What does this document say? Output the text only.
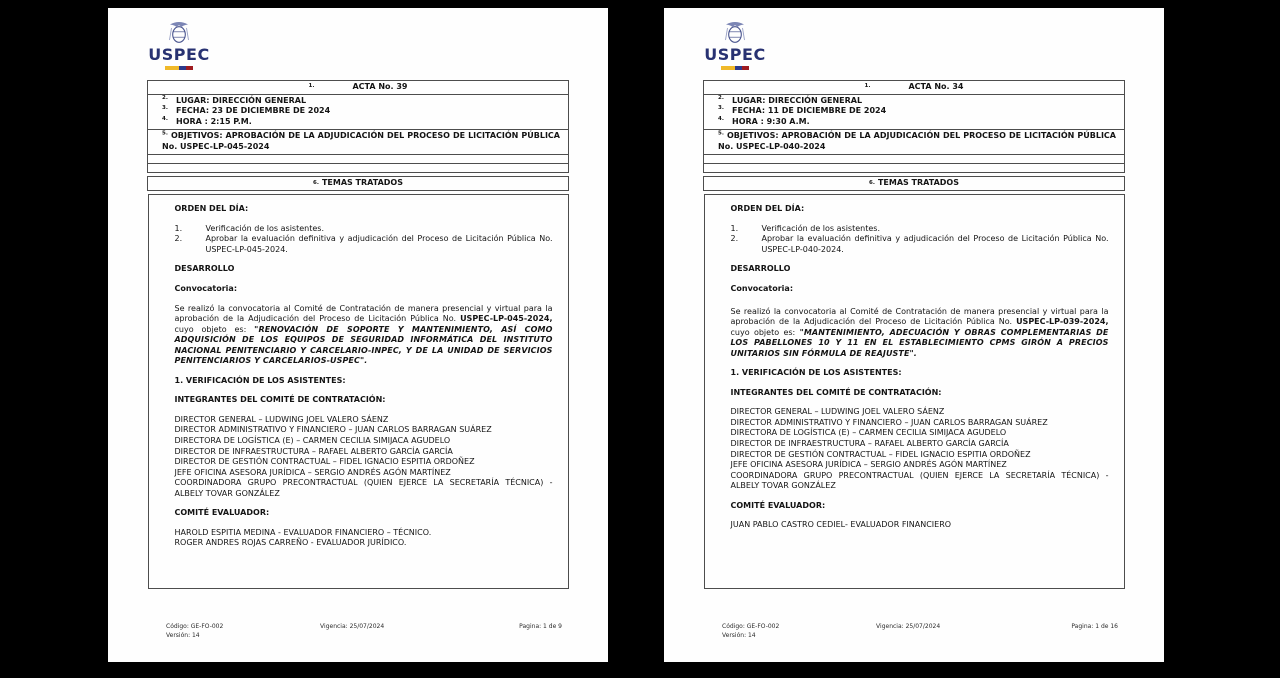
USPEC
1.	ACTA No. 39
2.	LUGAR: DIRECCIÓN GENERAL
3.	FECHA: 23 DE DICIEMBRE DE 2024
4.	HORA : 2:15 P.M.
$^{5.}$ OBJETIVOS: APROBACIÓN DE LA ADJUDICACIÓN DEL PROCESO DE LICITACIÓN PÚBLICA No. USPEC-LP-045-2024
6. TEMAS TRATADOS
ORDEN DEL DÍA:
1.	Verificación de los asistentes.
2.	Aprobar la evaluación definitiva y adjudicación del Proceso de Licitación Pública No. USPEC-LP-045-2024.
DESARROLLO
Convocatoria:

Se realizó la convocatoria al Comité de Contratación de manera presencial y virtual para la aprobación de la Adjudicación del Proceso de Licitación Pública No. USPEC-LP-045-2024, cuyo objeto es: "RENOVACIÓN DE SOPORTE Y MANTENIMIENTO, ASÍ COMO ADQUISICIÓN DE LOS EQUIPOS DE SEGURIDAD INFORMÁTICA DEL INSTITUTO NACIONAL PENITENCIARIO Y CARCELARIO-INPEC, Y DE LA UNIDAD DE SERVICIOS PENITENCIARIOS Y CARCELARIOS-USPEC".

1. VERIFICACIÓN DE LOS ASISTENTES:
INTEGRANTES DEL COMITÉ DE CONTRATACIÓN:
DIRECTOR GENERAL – LUDWING JOEL VALERO SÁENZ
DIRECTOR ADMINISTRATIVO Y FINANCIERO – JUAN CARLOS BARRAGAN SUÁREZ
DIRECTORA DE LOGÍSTICA (E) – CARMEN CECILIA SIMIJACA AGUDELO
DIRECTOR DE INFRAESTRUCTURA – RAFAEL ALBERTO GARCÍA GARCÍA
DIRECTOR DE GESTIÓN CONTRACTUAL – FIDEL IGNACIO ESPITIA ORDOÑEZ
JEFE OFICINA ASESORA JURÍDICA – SERGIO ANDRÉS AGÓN MARTÍNEZ
COORDINADORA GRUPO PRECONTRACTUAL (QUIEN EJERCE LA SECRETARÍA TÉCNICA) - ALBELY TOVAR GONZÁLEZ
COMITÉ EVALUADOR:
HAROLD ESPITIA MEDINA - EVALUADOR FINANCIERO – TÉCNICO.
ROGER ANDRES ROJAS CARREÑO - EVALUADOR JURÍDICO.
Código: GE-FO-002
Versión: 14
Vigencia: 25/07/2024	Pagina: 1 de 9
USPEC
1.	ACTA No. 34
2.	LUGAR: DIRECCIÓN GENERAL
3.	FECHA: 11 DE DICIEMBRE DE 2024
4.	HORA : 9:30 A.M.
$^{5.}$ OBJETIVOS: APROBACIÓN DE LA ADJUDICACIÓN DEL PROCESO DE LICITACIÓN PÚBLICA No. USPEC-LP-040-2024
6. TEMAS TRATADOS
ORDEN DEL DÍA:
1.	Verificación de los asistentes.
2.	Aprobar la evaluación definitiva y adjudicación del Proceso de Licitación Pública No. USPEC-LP-040-2024.
DESARROLLO
Convocatoria:

Se realizó la convocatoria al Comité de Contratación de manera presencial y virtual para la aprobación de la Adjudicación del Proceso de Licitación Pública No. USPEC-LP-039-2024, cuyo objeto es: "MANTENIMIENTO, ADECUACIÓN Y OBRAS COMPLEMENTARIAS DE LOS PABELLONES 10 Y 11 EN EL ESTABLECIMIENTO CPMS GIRÓN A PRECIOS UNITARIOS SIN FÓRMULA DE REAJUSTE".

1. VERIFICACIÓN DE LOS ASISTENTES:
INTEGRANTES DEL COMITÉ DE CONTRATACIÓN:
DIRECTOR GENERAL – LUDWING JOEL VALERO SÁENZ
DIRECTOR ADMINISTRATIVO Y FINANCIERO – JUAN CARLOS BARRAGAN SUÁREZ
DIRECTORA DE LOGÍSTICA (E) – CARMEN CECILIA SIMIJACA AGUDELO
DIRECTOR DE INFRAESTRUCTURA – RAFAEL ALBERTO GARCÍA GARCÍA
DIRECTOR DE GESTIÓN CONTRACTUAL – FIDEL IGNACIO ESPITIA ORDOÑEZ
JEFE OFICINA ASESORA JURÍDICA – SERGIO ANDRÉS AGÓN MARTÍNEZ
COORDINADORA GRUPO PRECONTRACTUAL (QUIEN EJERCE LA SECRETARÍA TÉCNICA) - ALBELY TOVAR GONZÁLEZ
COMITÉ EVALUADOR:
JUAN PABLO CASTRO CEDIEL- EVALUADOR FINANCIERO
Código: GE-FO-002
Versión: 14
Vigencia: 25/07/2024	Pagina: 1 de 16
